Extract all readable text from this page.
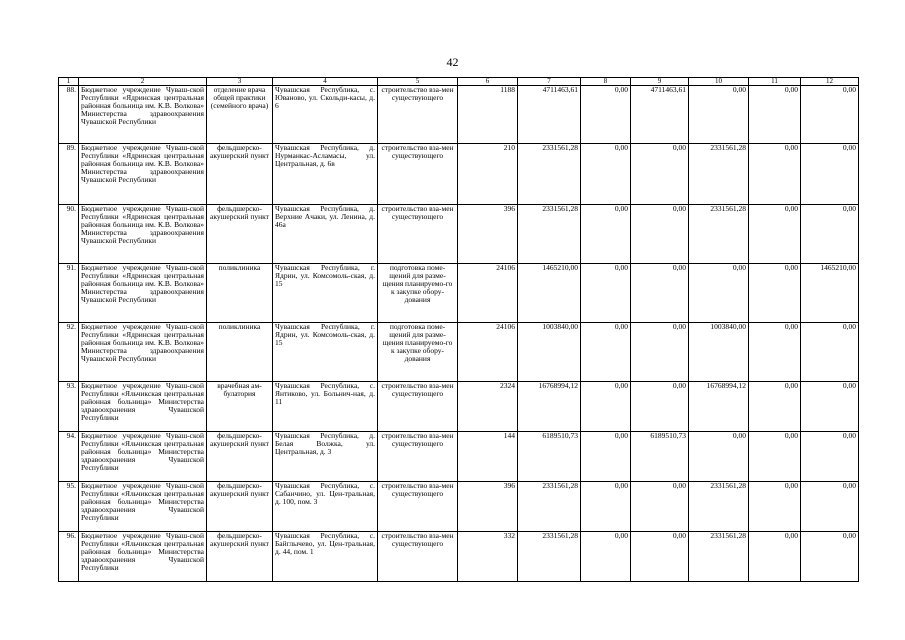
42
1	2	3	4	5	6	7	8	9	10	11	12
88.	Бюджетное учреждение Чуваш-ской Республики «Ядринская центральная районная больница им. К.В. Волкова» Министерства здравоохранения Чувашской Республики	отделение врача общей практики (семейного врача)	Чувашская Республика, с. Юваново, ул. Скольди-касы, д. 6	строительство вза-мен существующего	1188	4711463,61	0,00	4711463,61	0,00	0,00	0,00
89.	Бюджетное учреждение Чуваш-ской Республики «Ядринская центральная районная больница им. К.В. Волкова» Министерства здравоохранения Чувашской Республики	фельдшерско-акушерский пункт	Чувашская Республика, д. Нурманкас-Асламасы, ул. Центральная, д. 6в	строительство вза-мен существующего	210	2331561,28	0,00	0,00	2331561,28	0,00	0,00
90.	Бюджетное учреждение Чуваш-ской Республики «Ядринская центральная районная больница им. К.В. Волкова» Министерства здравоохранения Чувашской Республики	фельдшерско-акушерский пункт	Чувашская Республика, д. Верхние Ачаки, ул. Ленина, д. 46а	строительство вза-мен существующего	396	2331561,28	0,00	0,00	2331561,28	0,00	0,00
91.	Бюджетное учреждение Чуваш-ской Республики «Ядринская центральная районная больница им. К.В. Волкова» Министерства здравоохранения Чувашской Республики	поликлиника	Чувашская Республика, г. Ядрин, ул. Комсомоль-ская, д. 15	подготовка поме-щений для разме-щения планируемо-го к закупке обору-дования	24106	1465210,00	0,00	0,00	0,00	0,00	1465210,00
92.	Бюджетное учреждение Чуваш-ской Республики «Ядринская центральная районная больница им. К.В. Волкова» Министерства здравоохранения Чувашской Республики	поликлиника	Чувашская Республика, г. Ядрин, ул. Комсомоль-ская, д. 15	подготовка поме-щений для разме-щения планируемо-го к закупке обору-дования	24106	1003840,00	0,00	0,00	1003840,00	0,00	0,00
93.	Бюджетное учреждение Чуваш-ской Республики «Яльчикская центральная районная больница» Министерства здравоохранения Чувашской Республики	врачебная ам-булатория	Чувашская Республика, с. Янтиково, ул. Больнич-ная, д. 11	строительство вза-мен существующего	2324	16768994,12	0,00	0,00	16768994,12	0,00	0,00
94.	Бюджетное учреждение Чуваш-ской Республики «Яльчикская центральная районная больница» Министерства здравоохранения Чувашской Республики	фельдшерско-акушерский пункт	Чувашская Республика, д. Белая Волжка, ул. Центральная, д. 3	строительство вза-мен существующего	144	6189510,73	0,00	6189510,73	0,00	0,00	0,00
95.	Бюджетное учреждение Чуваш-ской Республики «Яльчикская центральная районная больница» Министерства здравоохранения Чувашской Республики	фельдшерско-акушерский пункт	Чувашская Республика, с. Сабанчино, ул. Цен-тральная, д. 100, пом. 3	строительство вза-мен существующего	396	2331561,28	0,00	0,00	2331561,28	0,00	0,00
96.	Бюджетное учреждение Чуваш-ской Республики «Яльчикская центральная районная больница» Министерства здравоохранения Чувашской Республики	фельдшерско-акушерский пункт	Чувашская Республика, с. Байглычево, ул. Цен-тральная, д. 44, пом. 1	строительство вза-мен существующего	332	2331561,28	0,00	0,00	2331561,28	0,00	0,00
